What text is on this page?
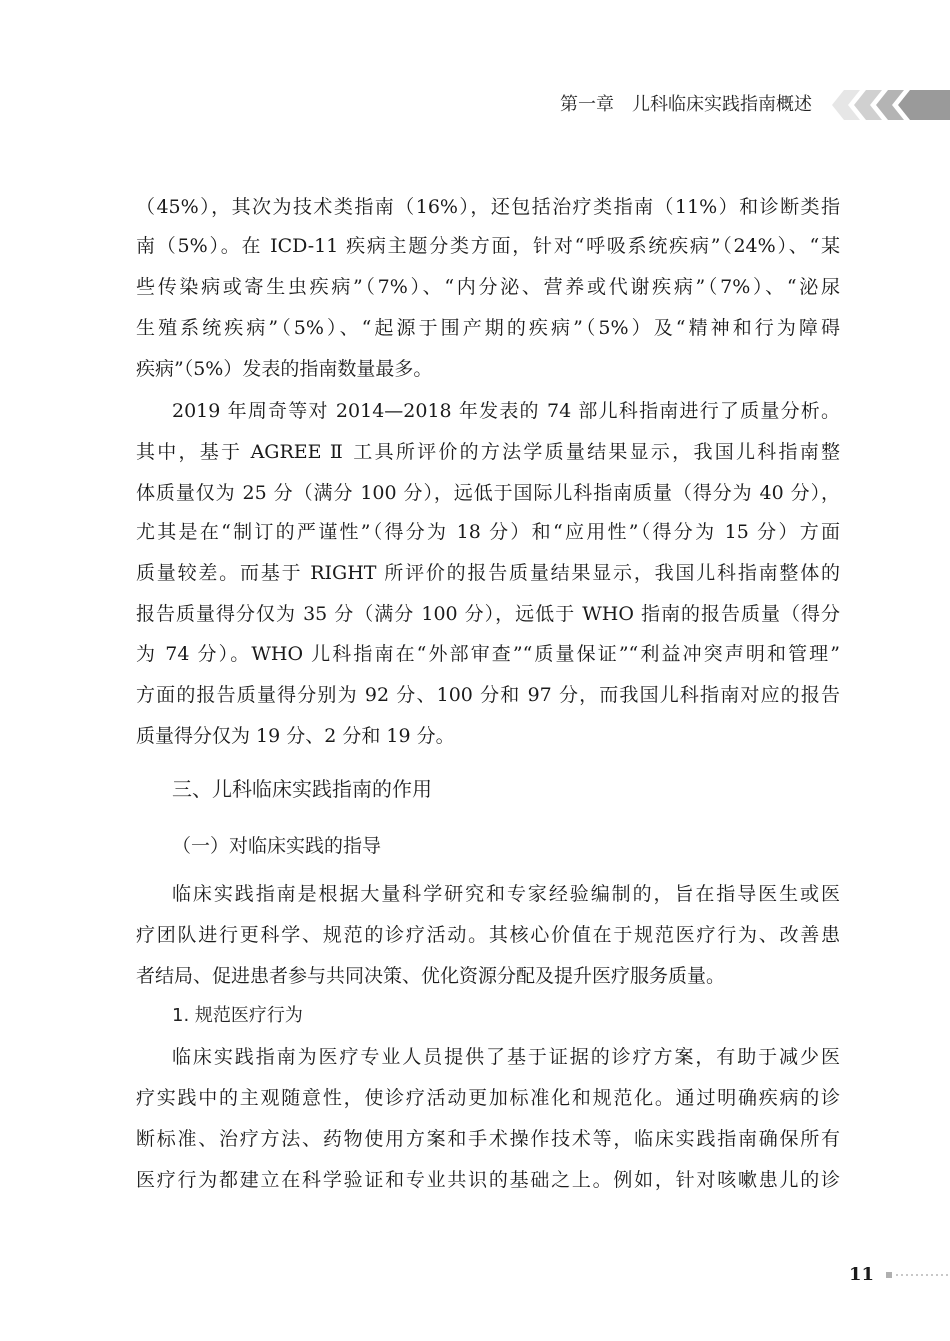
第一章　儿科临床实践指南概述
（45%），其次为技术类指南（16%），还包括治疗类指南（11%）和诊断类指
南（5%）。在 ICD-11 疾病主题分类方面，针对“呼吸系统疾病”（24%）、“某
些传染病或寄生虫疾病”（7%）、“内分泌、营养或代谢疾病”（7%）、“泌尿
生殖系统疾病”（5%）、“起源于围产期的疾病”（5%）及“精神和行为障碍
疾病”（5%）发表的指南数量最多。
2019 年周奇等对 2014—2018 年发表的 74 部儿科指南进行了质量分析。
其中，基于 AGREE Ⅱ 工具所评价的方法学质量结果显示，我国儿科指南整
体质量仅为 25 分（满分 100 分），远低于国际儿科指南质量（得分为 40 分），
尤其是在“制订的严谨性”（得分为 18 分）和“应用性”（得分为 15 分）方面
质量较差。而基于 RIGHT 所评价的报告质量结果显示，我国儿科指南整体的
报告质量得分仅为 35 分（满分 100 分），远低于 WHO 指南的报告质量（得分
为 74 分）。WHO 儿科指南在“外部审查”“质量保证”“利益冲突声明和管理”
方面的报告质量得分别为 92 分、100 分和 97 分，而我国儿科指南对应的报告
质量得分仅为 19 分、2 分和 19 分。
三、儿科临床实践指南的作用
（一）对临床实践的指导
临床实践指南是根据大量科学研究和专家经验编制的，旨在指导医生或医
疗团队进行更科学、规范的诊疗活动。其核心价值在于规范医疗行为、改善患
者结局、促进患者参与共同决策、优化资源分配及提升医疗服务质量。
1. 规范医疗行为
临床实践指南为医疗专业人员提供了基于证据的诊疗方案，有助于减少医
疗实践中的主观随意性，使诊疗活动更加标准化和规范化。通过明确疾病的诊
断标准、治疗方法、药物使用方案和手术操作技术等，临床实践指南确保所有
医疗行为都建立在科学验证和专业共识的基础之上。例如，针对咳嗽患儿的诊
11
